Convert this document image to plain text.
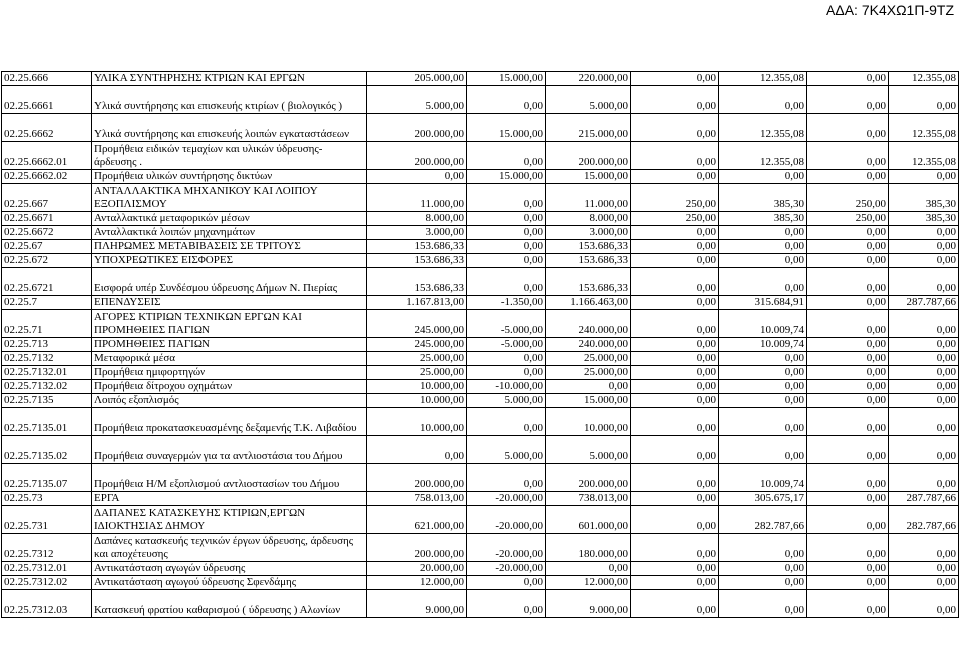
ΑΔΑ: 7Κ4ΧΩ1Π-9ΤΖ
02.25.666	ΥΛΙΚΑ ΣΥΝΤΗΡΗΣΗΣ ΚΤΡΙΩΝ ΚΑΙ ΕΡΓΩΝ	205.000,00	15.000,00	220.000,00	0,00	12.355,08	0,00	12.355,08
02.25.6661	Υλικά συντήρησης και επισκευής κτιρίων ( βιολογικός )	5.000,00	0,00	5.000,00	0,00	0,00	0,00	0,00
02.25.6662	Υλικά συντήρησης και επισκευής λοιπών εγκαταστάσεων	200.000,00	15.000,00	215.000,00	0,00	12.355,08	0,00	12.355,08
02.25.6662.01	Προμήθεια ειδικών τεμαχίων και υλικών ύδρευσης-άρδευσης .	200.000,00	0,00	200.000,00	0,00	12.355,08	0,00	12.355,08
02.25.6662.02	Προμήθεια υλικών συντήρησης δικτύων	0,00	15.000,00	15.000,00	0,00	0,00	0,00	0,00
02.25.667	ΑΝΤΑΛΛΑΚΤΙΚΑ ΜΗΧΑΝΙΚΟΥ ΚΑΙ ΛΟΙΠΟΥ ΕΞΟΠΛΙΣΜΟΥ	11.000,00	0,00	11.000,00	250,00	385,30	250,00	385,30
02.25.6671	Ανταλλακτικά μεταφορικών μέσων	8.000,00	0,00	8.000,00	250,00	385,30	250,00	385,30
02.25.6672	Ανταλλακτικά λοιπών μηχανημάτων	3.000,00	0,00	3.000,00	0,00	0,00	0,00	0,00
02.25.67	ΠΛΗΡΩΜΕΣ ΜΕΤΑΒΙΒΑΣΕΙΣ ΣΕ ΤΡΙΤΟΥΣ	153.686,33	0,00	153.686,33	0,00	0,00	0,00	0,00
02.25.672	ΥΠΟΧΡΕΩΤΙΚΕΣ ΕΙΣΦΟΡΕΣ	153.686,33	0,00	153.686,33	0,00	0,00	0,00	0,00
02.25.6721	Εισφορά υπέρ Συνδέσμου ύδρευσης Δήμων Ν. Πιερίας	153.686,33	0,00	153.686,33	0,00	0,00	0,00	0,00
02.25.7	ΕΠΕΝΔΥΣΕΙΣ	1.167.813,00	-1.350,00	1.166.463,00	0,00	315.684,91	0,00	287.787,66
02.25.71	ΑΓΟΡΕΣ ΚΤΙΡΙΩΝ ΤΕΧΝΙΚΩΝ ΕΡΓΩΝ ΚΑΙ ΠΡΟΜΗΘΕΙΕΣ ΠΑΓΙΩΝ	245.000,00	-5.000,00	240.000,00	0,00	10.009,74	0,00	0,00
02.25.713	ΠΡΟΜΗΘΕΙΕΣ ΠΑΓΙΩΝ	245.000,00	-5.000,00	240.000,00	0,00	10.009,74	0,00	0,00
02.25.7132	Μεταφορικά μέσα	25.000,00	0,00	25.000,00	0,00	0,00	0,00	0,00
02.25.7132.01	Προμήθεια ημιφορτηγών	25.000,00	0,00	25.000,00	0,00	0,00	0,00	0,00
02.25.7132.02	Προμήθεια δίτροχου οχημάτων	10.000,00	-10.000,00	0,00	0,00	0,00	0,00	0,00
02.25.7135	Λοιπός εξοπλισμός	10.000,00	5.000,00	15.000,00	0,00	0,00	0,00	0,00
02.25.7135.01	Προμήθεια προκατασκευασμένης δεξαμενής Τ.Κ. Λιβαδίου	10.000,00	0,00	10.000,00	0,00	0,00	0,00	0,00
02.25.7135.02	Προμήθεια συναγερμών για τα αντλιοστάσια του Δήμου	0,00	5.000,00	5.000,00	0,00	0,00	0,00	0,00
02.25.7135.07	Προμήθεια Η/Μ εξοπλισμού αντλιοστασίων του Δήμου	200.000,00	0,00	200.000,00	0,00	10.009,74	0,00	0,00
02.25.73	ΕΡΓΑ	758.013,00	-20.000,00	738.013,00	0,00	305.675,17	0,00	287.787,66
02.25.731	ΔΑΠΑΝΕΣ ΚΑΤΑΣΚΕΥΗΣ ΚΤΙΡΙΩΝ,ΕΡΓΩΝ ΙΔΙΟΚΤΗΣΙΑΣ ΔΗΜΟΥ	621.000,00	-20.000,00	601.000,00	0,00	282.787,66	0,00	282.787,66
02.25.7312	Δαπάνες κατασκευής τεχνικών έργων ύδρευσης, άρδευσης και αποχέτευσης	200.000,00	-20.000,00	180.000,00	0,00	0,00	0,00	0,00
02.25.7312.01	Αντικατάσταση αγωγών ύδρευσης	20.000,00	-20.000,00	0,00	0,00	0,00	0,00	0,00
02.25.7312.02	Αντικατάσταση αγωγού ύδρευσης Σφενδάμης	12.000,00	0,00	12.000,00	0,00	0,00	0,00	0,00
02.25.7312.03	Κατασκευή φρατίου καθαρισμού ( ύδρευσης ) Αλωνίων	9.000,00	0,00	9.000,00	0,00	0,00	0,00	0,00
